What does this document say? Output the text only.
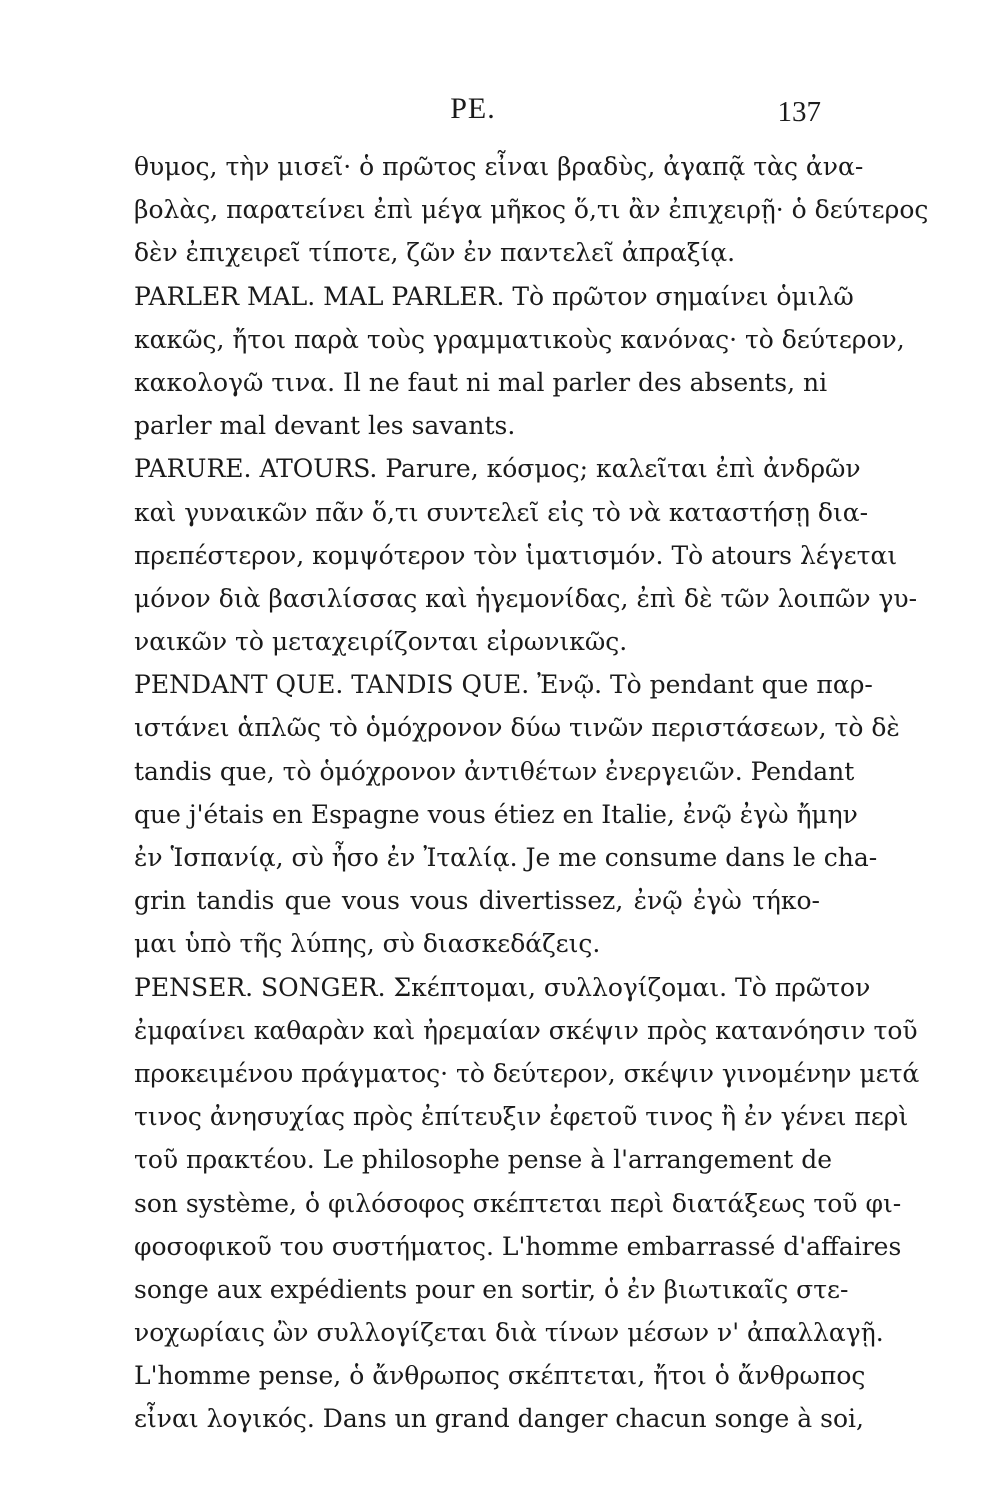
PE.	137
θυμος, τὴν μισεῖ· ὁ πρῶτος εἶναι βραδὺς, ἀγαπᾷ τὰς ἀνα-
βολὰς, παρατείνει ἐπὶ μέγα μῆκος ὅ,τι ἂν ἐπιχειρῇ· ὁ δεύτερος
δὲν ἐπιχειρεῖ τίποτε, ζῶν ἐν παντελεῖ ἀπραξίᾳ.
PARLER MAL. MAL PARLER. Τὸ πρῶτον σημαίνει ὁμιλῶ
κακῶς, ἤτοι παρὰ τοὺς γραμματικοὺς κανόνας· τὸ δεύτερον,
κακολογῶ τινα. Il ne faut ni mal parler des absents, ni
parler mal devant les savants.
PARURE. ATOURS. Parure, κόσμος; καλεῖται ἐπὶ ἀνδρῶν
καὶ γυναικῶν πᾶν ὅ,τι συντελεῖ εἰς τὸ νὰ καταστήσῃ δια-
πρεπέστερον, κομψότερον τὸν ἱματισμόν. Τὸ atours λέγεται
μόνον διὰ βασιλίσσας καὶ ἡγεμονίδας, ἐπὶ δὲ τῶν λοιπῶν γυ-
ναικῶν τὸ μεταχειρίζονται εἰρωνικῶς.
PENDANT QUE. TANDIS QUE. Ἐνῷ. Τὸ pendant que παρ-
ιστάνει ἁπλῶς τὸ ὁμόχρονον δύω τινῶν περιστάσεων, τὸ δὲ
tandis que, τὸ ὁμόχρονον ἀντιθέτων ἐνεργειῶν. Pendant
que j'étais en Espagne vous étiez en Italie, ἐνῷ ἐγὼ ἤμην
ἐν Ἱσπανίᾳ, σὺ ἦσο ἐν Ἰταλίᾳ. Je me consume dans le cha-
grin tandis que vous vous divertissez, ἐνῷ ἐγὼ τήκο-
μαι ὑπὸ τῆς λύπης, σὺ διασκεδάζεις.
PENSER. SONGER. Σκέπτομαι, συλλογίζομαι. Τὸ πρῶτον
ἐμφαίνει καθαρὰν καὶ ἠρεμαίαν σκέψιν πρὸς κατανόησιν τοῦ
προκειμένου πράγματος· τὸ δεύτερον, σκέψιν γινομένην μετά
τινος ἀνησυχίας πρὸς ἐπίτευξιν ἐφετοῦ τινος ἢ ἐν γένει περὶ
τοῦ πρακτέου. Le philosophe pense à l'arrangement de
son système, ὁ φιλόσοφος σκέπτεται περὶ διατάξεως τοῦ φι-
φοσοφικοῦ του συστήματος. L'homme embarrassé d'affaires
songe aux expédients pour en sortir, ὁ ἐν βιωτικαῖς στε-
νοχωρίαις ὢν συλλογίζεται διὰ τίνων μέσων ν' ἀπαλλαγῇ.
L'homme pense, ὁ ἄνθρωπος σκέπτεται, ἤτοι ὁ ἄνθρωπος
εἶναι λογικός. Dans un grand danger chacun songe à soi,
